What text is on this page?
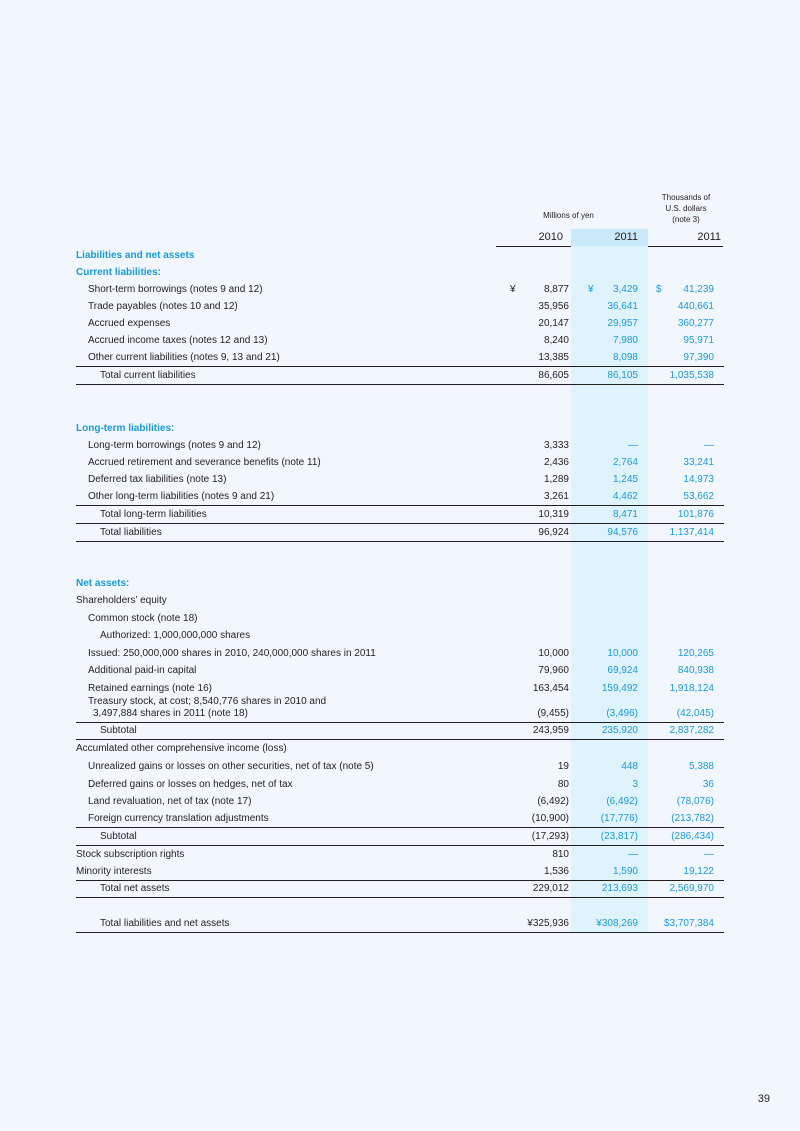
Thousands of
U.S. dollars
(note 3)
Millions of yen
2010	2011	2011
Liabilities and net assets
Current liabilities:
Short-term borrowings (notes 9 and 12)	¥	8,877 ¥	3,429 $	41,239
Trade payables (notes 10 and 12)	35,956	36,641	440,661
Accrued expenses	20,147	29,957	360,277
Accrued income taxes (notes 12 and 13)	8,240	7,980	95,971
Other current liabilities (notes 9, 13 and 21)	13,385	8,098	97,390
Total current liabilities	86,605	86,105	1,035,538
Long-term liabilities:
Long-term borrowings (notes 9 and 12)	3,333	—	—
Accrued retirement and severance benefits (note 11)	2,436	2,764	33,241
Deferred tax liabilities (note 13)	1,289	1,245	14,973
Other long-term liabilities (notes 9 and 21)	3,261	4,462	53,662
Total long-term liabilities	10,319	8,471	101,876
Total liabilities	96,924	94,576	1,137,414
Net assets:
Shareholders’ equity
Common stock (note 18)
Authorized: 1,000,000,000 shares
Issued: 250,000,000 shares in 2010, 240,000,000 shares in 2011	10,000	10,000	120,265
Additional paid-in capital	79,960	69,924	840,938
Retained earnings (note 16)	163,454	159,492	1,918,124
Treasury stock, at cost; 8,540,776 shares in 2010 and
3,497,884 shares in 2011 (note 18)	(9,455)	(3,496)	(42,045)
Subtotal	243,959	235,920	2,837,282
Accumlated other comprehensive income (loss)
Unrealized gains or losses on other securities, net of tax (note 5)	19	448	5,388
Deferred gains or losses on hedges, net of tax	80	3	36
Land revaluation, net of tax (note 17)	(6,492)	(6,492)	(78,076)
Foreign currency translation adjustments	(10,900)	(17,776)	(213,782)
Subtotal	(17,293)	(23,817)	(286,434)
Stock subscription rights	810	—	—
Minority interests	1,536	1,590	19,122
Total net assets	229,012	213,693	2,569,970
Total liabilities and net assets	¥325,936	¥308,269	$3,707,384
39
